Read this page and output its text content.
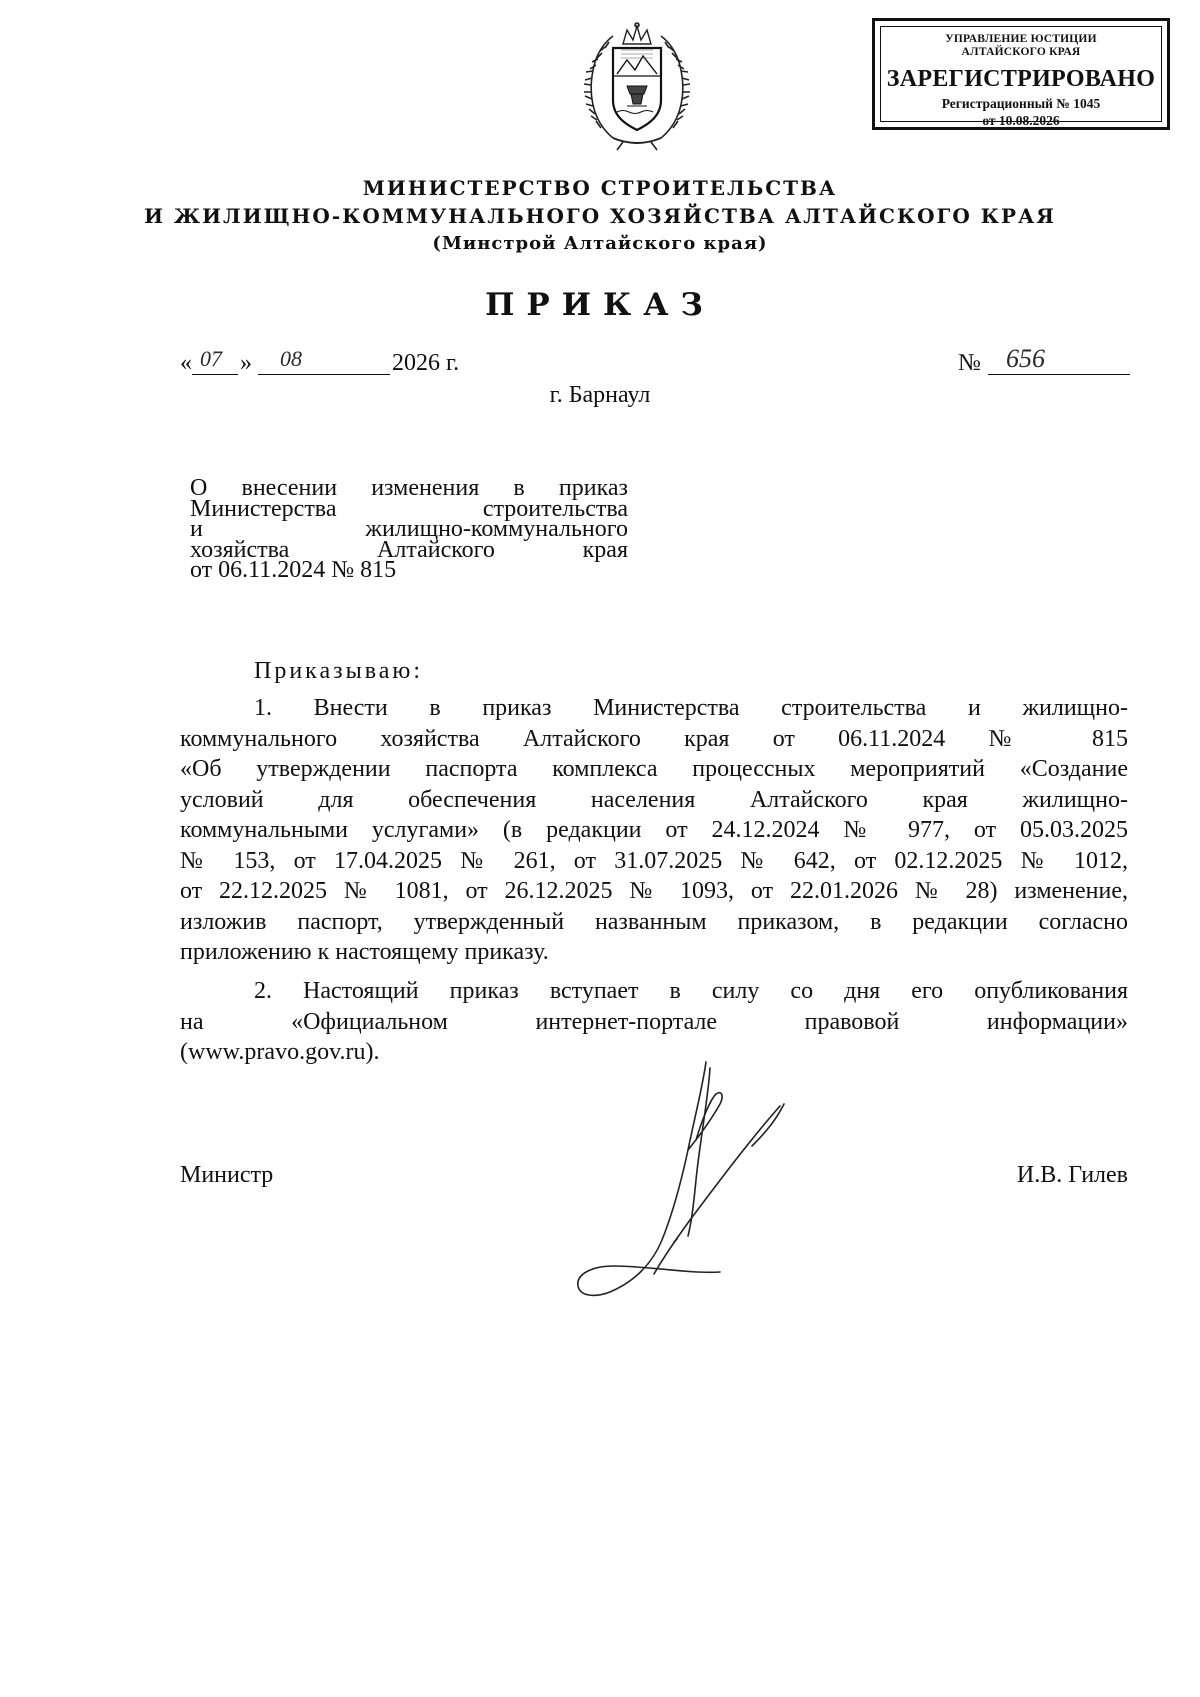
УПРАВЛЕНИЕ ЮСТИЦИИ
АЛТАЙСКОГО КРАЯ
ЗАРЕГИСТРИРОВАНО
Регистрационный № 1045
от 10.08.2026
МИНИСТЕРСТВО СТРОИТЕЛЬСТВА
И ЖИЛИЩНО-КОММУНАЛЬНОГО ХОЗЯЙСТВА АЛТАЙСКОГО КРАЯ
(Минстрой Алтайского края)
ПРИКАЗ
« 07 » 08	2026 г.	№ 656
г. Барнаул
О внесении изменения в приказ
Министерства строительства
и жилищно-коммунального
хозяйства Алтайского края
от 06.11.2024 № 815
Приказываю:
1. Внести в приказ Министерства строительства и жилищно-
коммунального хозяйства Алтайского края от 06.11.2024 № 815
«Об утверждении паспорта комплекса процессных мероприятий «Создание
условий для обеспечения населения Алтайского края жилищно-
коммунальными услугами» (в редакции от 24.12.2024 № 977, от 05.03.2025
№ 153, от 17.04.2025 № 261, от 31.07.2025 № 642, от 02.12.2025 № 1012,
от 22.12.2025 № 1081, от 26.12.2025 № 1093, от 22.01.2026 № 28) изменение,
изложив паспорт, утвержденный названным приказом, в редакции согласно
приложению к настоящему приказу.
2. Настоящий приказ вступает в силу со дня его опубликования
на «Официальном интернет-портале правовой информации»
(www.pravo.gov.ru).
Министр	И.В. Гилев
